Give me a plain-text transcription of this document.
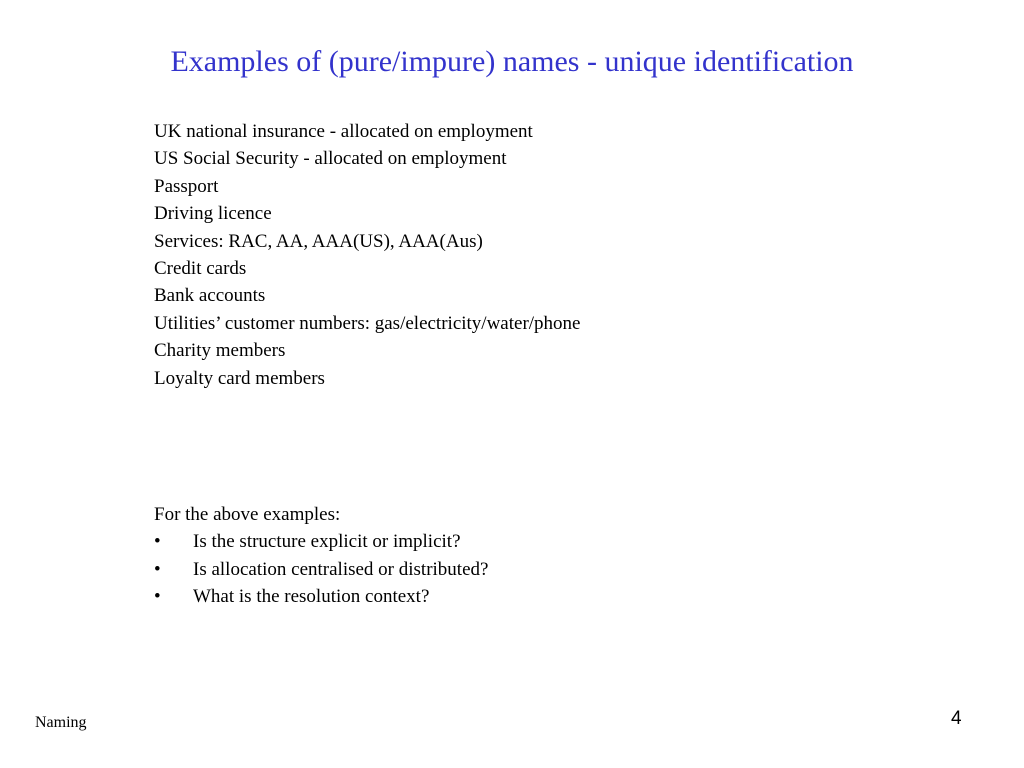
Examples of (pure/impure) names - unique identification
UK national insurance - allocated on employment
US Social Security - allocated on employment
Passport
Driving licence
Services: RAC, AA, AAA(US), AAA(Aus)
Credit cards
Bank accounts
Utilities’ customer numbers: gas/electricity/water/phone
Charity members
Loyalty card members
For the above examples:
•	Is the structure explicit or implicit?
•	Is allocation centralised or distributed?
•	What is the resolution context?
Naming	4
